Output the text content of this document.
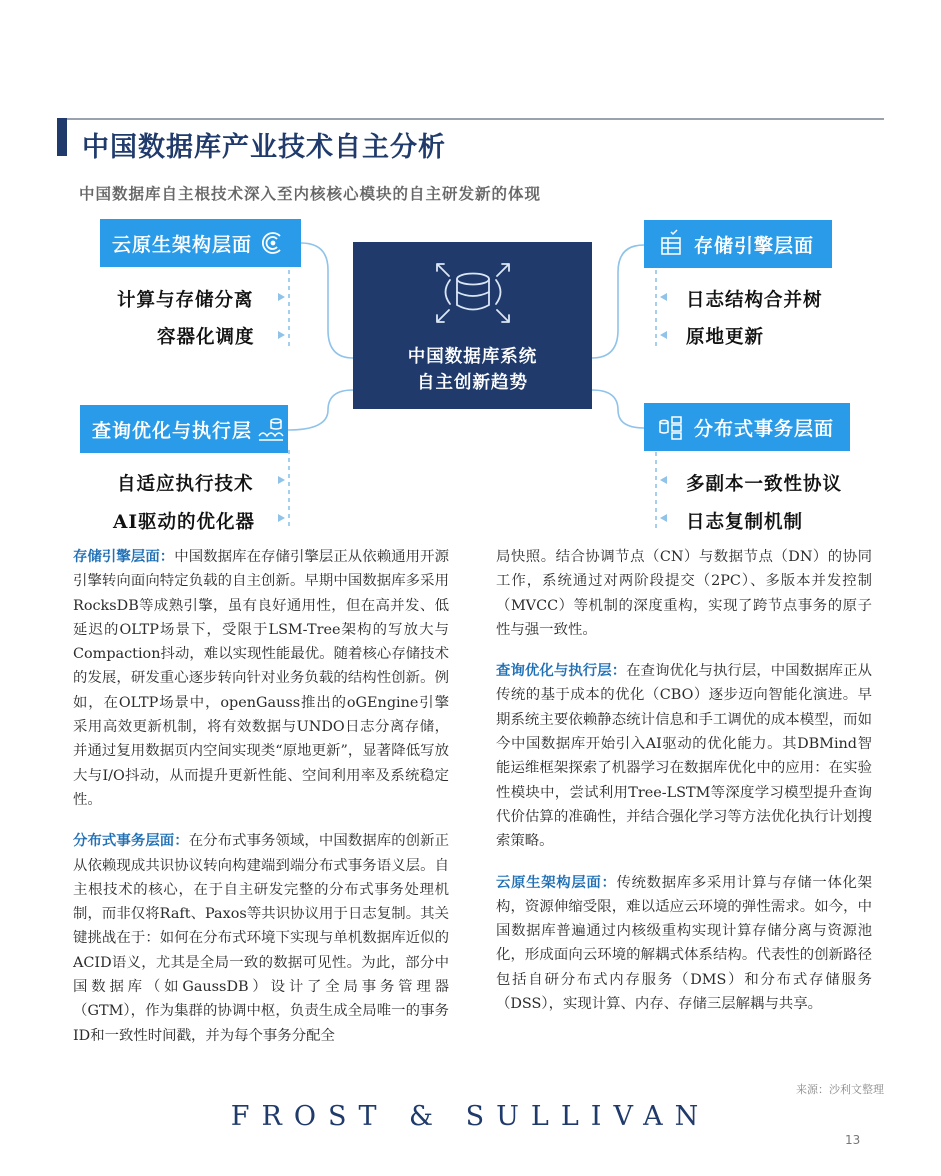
中国数据库产业技术自主分析
中国数据库自主根技术深入至内核核心模块的自主研发新的体现
中国数据库系统
自主创新趋势
云原生架构层面
计算与存储分离
容器化调度
查询优化与执行层
自适应执行技术
AI驱动的优化器
存储引擎层面
日志结构合并树
原地更新
分布式事务层面
多副本一致性协议
日志复制机制

存储引擎层面：中国数据库在存储引擎层正从依赖通用开源引擎转向面向特定负载的自主创新。早期中国数据库多采用RocksDB等成熟引擎，虽有良好通用性，但在高并发、低延迟的OLTP场景下，受限于LSM-Tree架构的写放大与Compaction抖动，难以实现性能最优。随着核心存储技术的发展，研发重心逐步转向针对业务负载的结构性创新。例如，在OLTP场景中，openGauss推出的oGEngine引擎采用高效更新机制，将有效数据与UNDO日志分离存储，并通过复用数据页内空间实现类“原地更新”，显著降低写放大与I/O抖动，从而提升更新性能、空间利用率及系统稳定性。

分布式事务层面：在分布式事务领域，中国数据库的创新正从依赖现成共识协议转向构建端到端分布式事务语义层。自主根技术的核心，在于自主研发完整的分布式事务处理机制，而非仅将Raft、Paxos等共识协议用于日志复制。其关键挑战在于：如何在分布式环境下实现与单机数据库近似的ACID语义，尤其是全局一致的数据可见性。为此，部分中国数据库（如GaussDB）设计了全局事务管理器（GTM），作为集群的协调中枢，负责生成全局唯一的事务ID和一致性时间戳，并为每个事务分配全

局快照。结合协调节点（CN）与数据节点（DN）的协同工作，系统通过对两阶段提交（2PC）、多版本并发控制（MVCC）等机制的深度重构，实现了跨节点事务的原子性与强一致性。

查询优化与执行层：在查询优化与执行层，中国数据库正从传统的基于成本的优化（CBO）逐步迈向智能化演进。早期系统主要依赖静态统计信息和手工调优的成本模型，而如今中国数据库开始引入AI驱动的优化能力。其DBMind智能运维框架探索了机器学习在数据库优化中的应用：在实验性模块中，尝试利用Tree-LSTM等深度学习模型提升查询代价估算的准确性，并结合强化学习等方法优化执行计划搜索策略。

云原生架构层面：传统数据库多采用计算与存储一体化架构，资源伸缩受限，难以适应云环境的弹性需求。如今，中国数据库普遍通过内核级重构实现计算存储分离与资源池化，形成面向云环境的解耦式体系结构。代表性的创新路径包括自研分布式内存服务（DMS）和分布式存储服务（DSS），实现计算、内存、存储三层解耦与共享。

来源：沙利文整理
FROST & SULLIVAN
13
